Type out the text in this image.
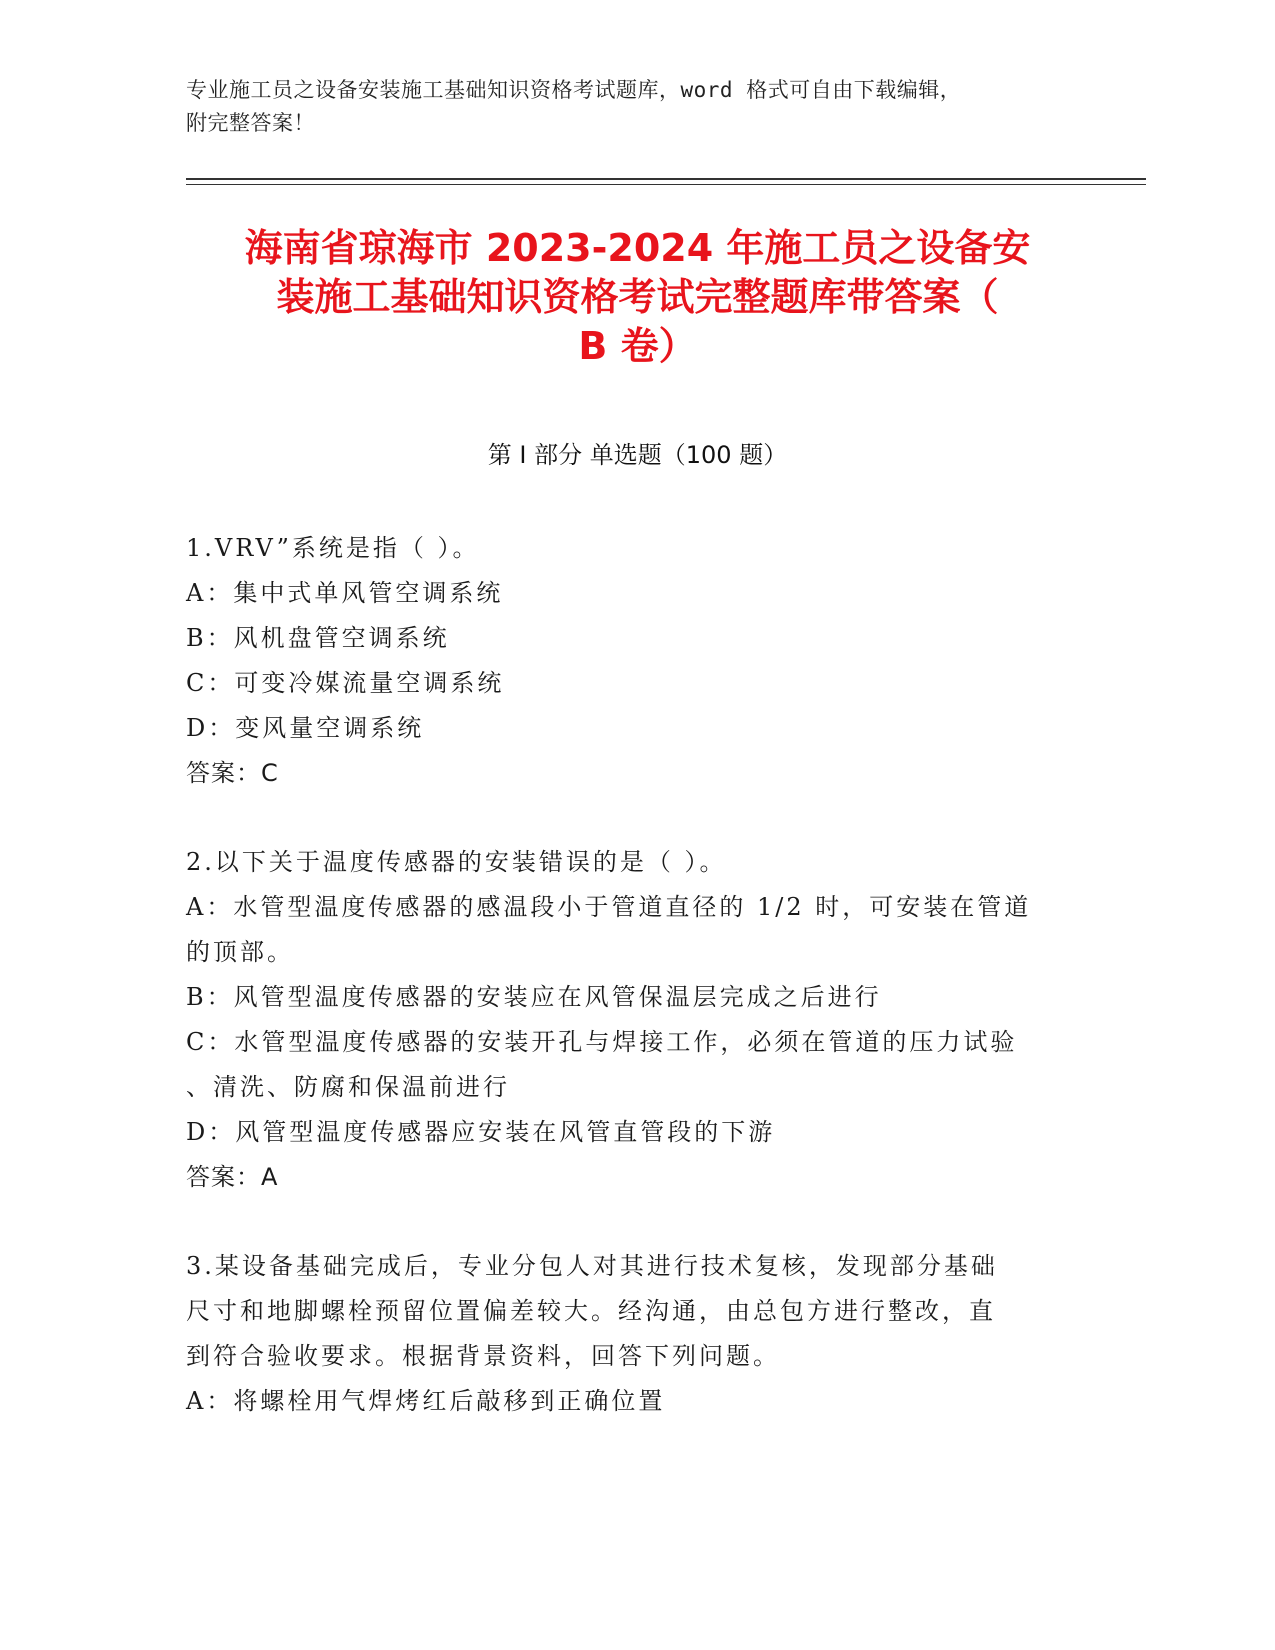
专业施工员之设备安装施工基础知识资格考试题库，word 格式可自由下载编辑，
附完整答案！
海南省琼海市 2023-2024 年施工员之设备安
装施工基础知识资格考试完整题库带答案（
B 卷）
第 I 部分 单选题（100 题）
1.VRV”系统是指（ ）。
A：集中式单风管空调系统
B：风机盘管空调系统
C：可变冷媒流量空调系统
D：变风量空调系统
答案：C
2.以下关于温度传感器的安装错误的是（ ）。
A：水管型温度传感器的感温段小于管道直径的 1/2 时，可安装在管道
的顶部。
B：风管型温度传感器的安装应在风管保温层完成之后进行
C：水管型温度传感器的安装开孔与焊接工作，必须在管道的压力试验
、清洗、防腐和保温前进行
D：风管型温度传感器应安装在风管直管段的下游
答案：A
3.某设备基础完成后，专业分包人对其进行技术复核，发现部分基础
尺寸和地脚螺栓预留位置偏差较大。经沟通，由总包方进行整改，直
到符合验收要求。根据背景资料，回答下列问题。
A：将螺栓用气焊烤红后敲移到正确位置
